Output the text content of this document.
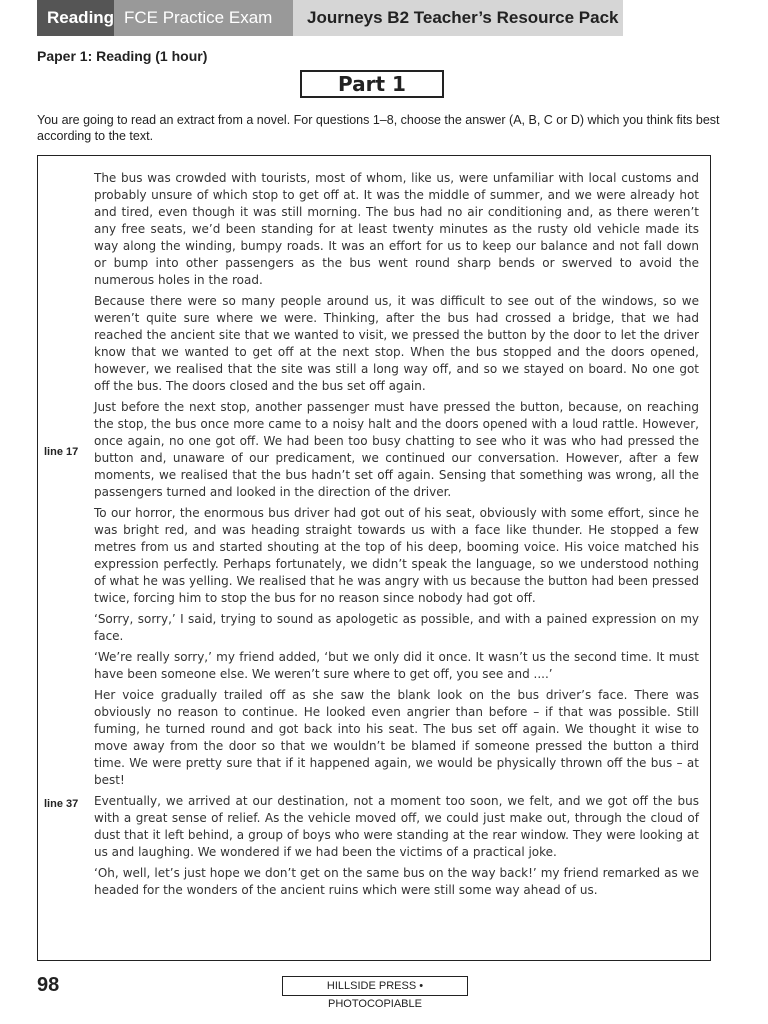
Reading FCE Practice Exam	Journeys B2 Teacher’s Resource Pack
Paper 1: Reading (1 hour)
Part 1
You are going to read an extract from a novel. For questions 1–8, choose the answer (A, B, C or D) which you think fits best according to the text.
line 17
line 37

The bus was crowded with tourists, most of whom, like us, were unfamiliar with local customs and probably unsure of which stop to get off at. It was the middle of summer, and we were already hot and tired, even though it was still morning. The bus had no air conditioning and, as there weren’t any free seats, we’d been standing for at least twenty minutes as the rusty old vehicle made its way along the winding, bumpy roads. It was an effort for us to keep our balance and not fall down or bump into other passengers as the bus went round sharp bends or swerved to avoid the numerous holes in the road.

Because there were so many people around us, it was difficult to see out of the windows, so we weren’t quite sure where we were. Thinking, after the bus had crossed a bridge, that we had reached the ancient site that we wanted to visit, we pressed the button by the door to let the driver know that we wanted to get off at the next stop. When the bus stopped and the doors opened, however, we realised that the site was still a long way off, and so we stayed on board. No one got off the bus. The doors closed and the bus set off again.

Just before the next stop, another passenger must have pressed the button, because, on reaching the stop, the bus once more came to a noisy halt and the doors opened with a loud rattle. However, once again, no one got off. We had been too busy chatting to see who it was who had pressed the button and, unaware of our predicament, we continued our conversation. However, after a few moments, we realised that the bus hadn’t set off again. Sensing that something was wrong, all the passengers turned and looked in the direction of the driver.

To our horror, the enormous bus driver had got out of his seat, obviously with some effort, since he was bright red, and was heading straight towards us with a face like thunder. He stopped a few metres from us and started shouting at the top of his deep, booming voice. His voice matched his expression perfectly. Perhaps fortunately, we didn’t speak the language, so we understood nothing of what he was yelling. We realised that he was angry with us because the button had been pressed twice, forcing him to stop the bus for no reason since nobody had got off.

‘Sorry, sorry,’ I said, trying to sound as apologetic as possible, and with a pained expression on my face.

‘We’re really sorry,’ my friend added, ‘but we only did it once. It wasn’t us the second time. It must have been someone else. We weren’t sure where to get off, you see and ....’

Her voice gradually trailed off as she saw the blank look on the bus driver’s face. There was obviously no reason to continue. He looked even angrier than before – if that was possible. Still fuming, he turned round and got back into his seat. The bus set off again. We thought it wise to move away from the door so that we wouldn’t be blamed if someone pressed the button a third time. We were pretty sure that if it happened again, we would be physically thrown off the bus – at best!

Eventually, we arrived at our destination, not a moment too soon, we felt, and we got off the bus with a great sense of relief. As the vehicle moved off, we could just make out, through the cloud of dust that it left behind, a group of boys who were standing at the rear window. They were looking at us and laughing. We wondered if we had been the victims of a practical joke.

‘Oh, well, let’s just hope we don’t get on the same bus on the way back!’ my friend remarked as we headed for the wonders of the ancient ruins which were still some way ahead of us.

98	HILLSIDE PRESS • PHOTOCOPIABLE
